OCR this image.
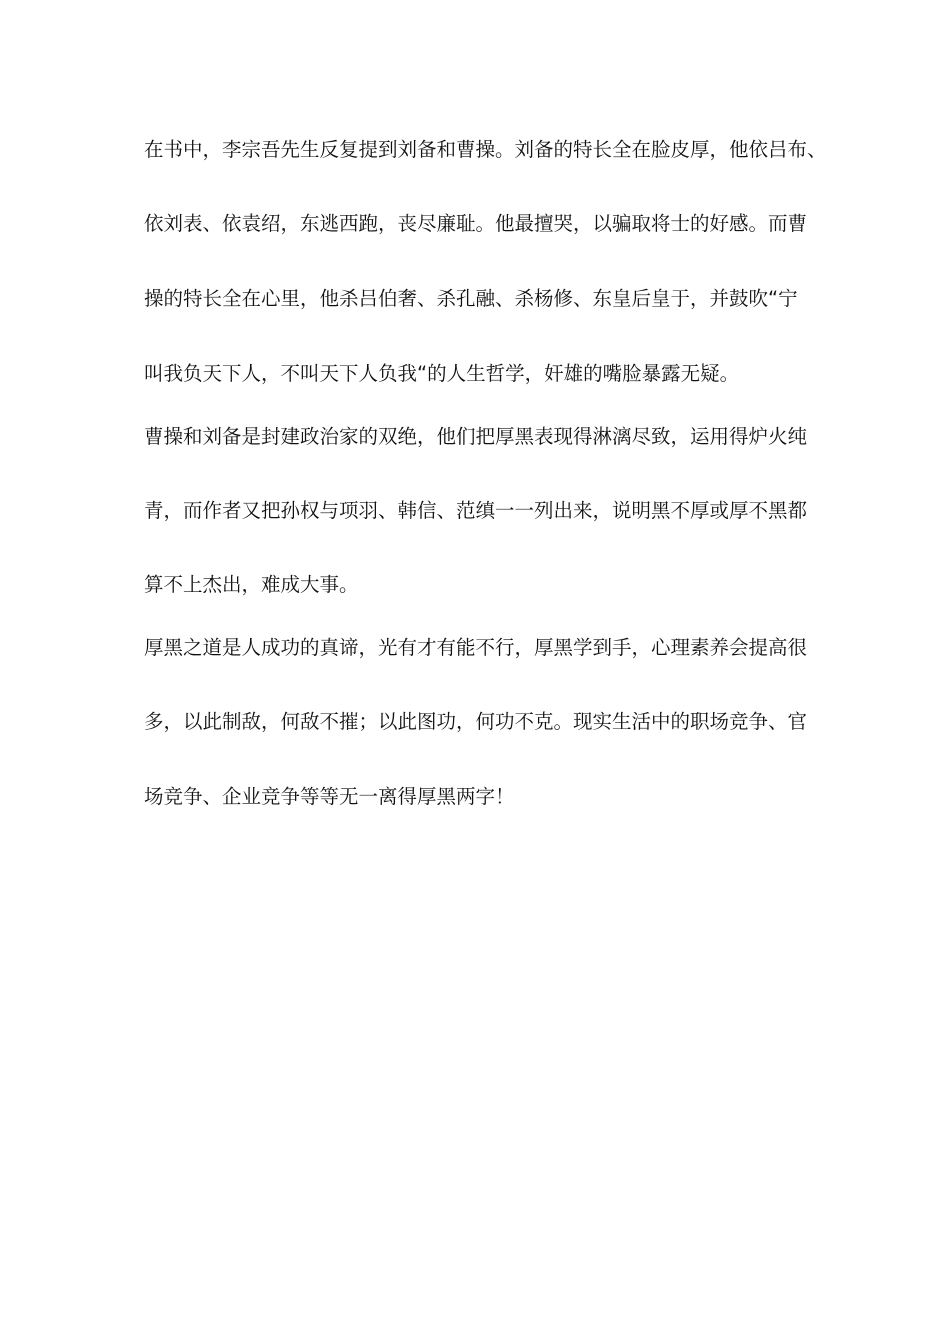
在书中，李宗吾先生反复提到刘备和曹操。刘备的特长全在脸皮厚，他依吕布、
依刘表、依袁绍，东逃西跑，丧尽廉耻。他最擅哭，以骗取将士的好感。而曹
操的特长全在心里，他杀吕伯奢、杀孔融、杀杨修、东皇后皇于，并鼓吹“宁
叫我负天下人，不叫天下人负我“的人生哲学，奸雄的嘴脸暴露无疑。
曹操和刘备是封建政治家的双绝，他们把厚黑表现得淋漓尽致，运用得炉火纯
青，而作者又把孙权与项羽、韩信、范缜一一列出来，说明黑不厚或厚不黑都
算不上杰出，难成大事。
厚黑之道是人成功的真谛，光有才有能不行，厚黑学到手，心理素养会提高很
多，以此制敌，何敌不摧；以此图功，何功不克。现实生活中的职场竞争、官
场竞争、企业竞争等等无一离得厚黑两字！
